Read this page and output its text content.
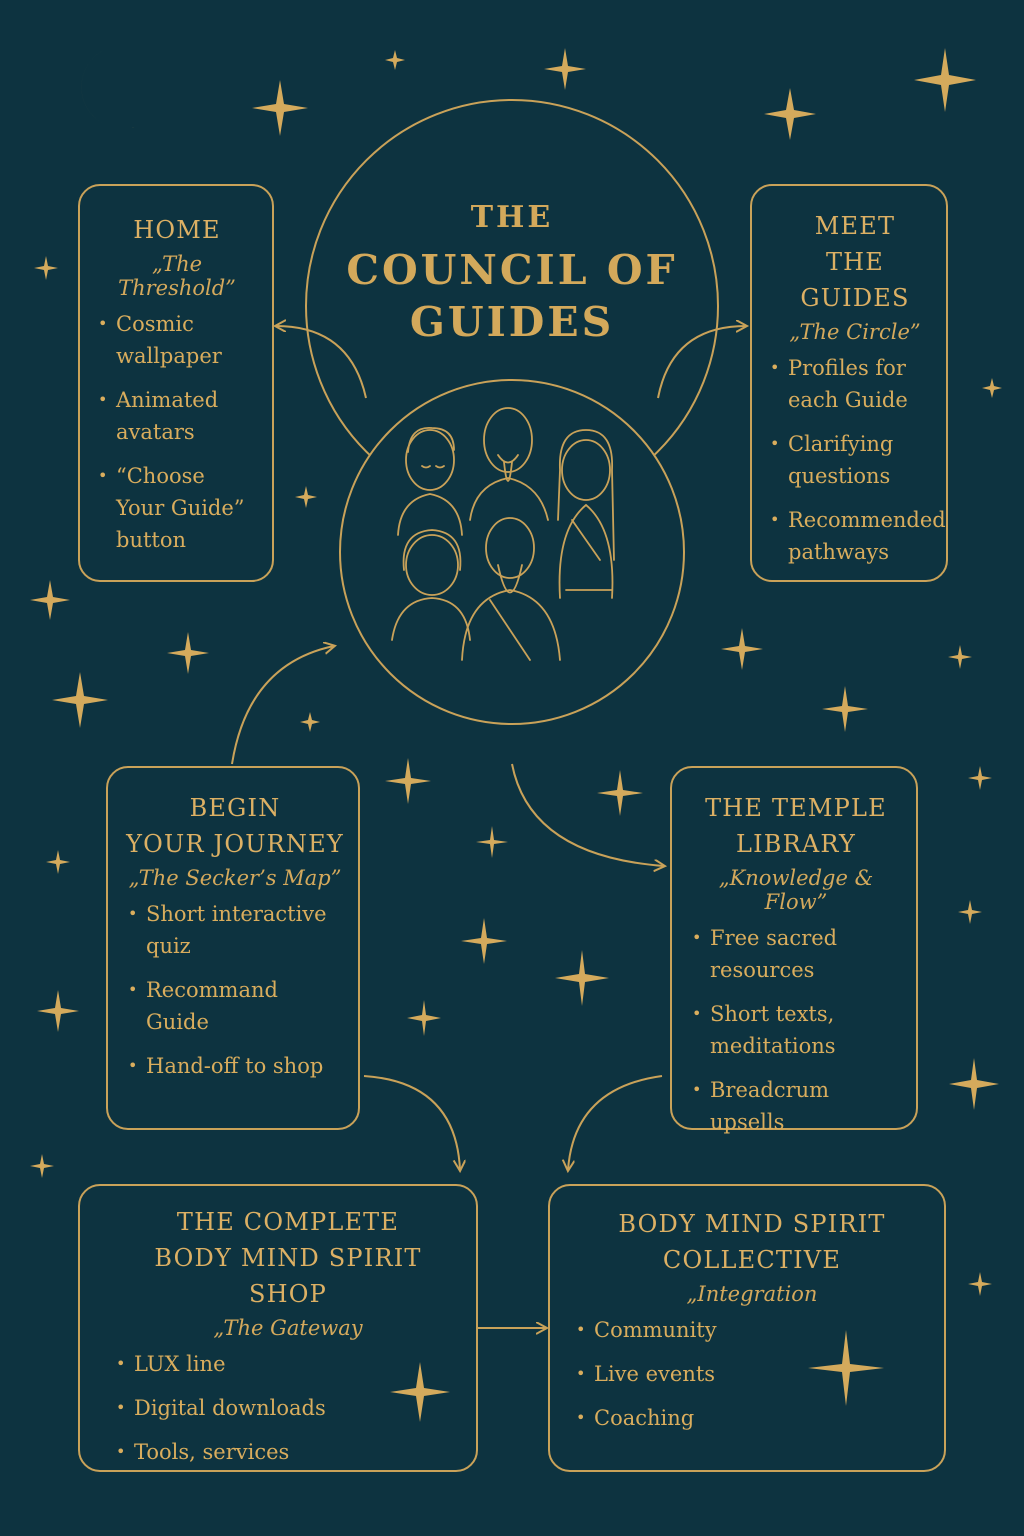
THE
COUNCIL OF
GUIDES
HOME
„The Threshold”
• Cosmic wallpaper
• Animated avatars
• “Choose Your Guide” button
MEET
THE GUIDES
„The Circle”
• Profiles for each Guide
• Clarifying questions
• Recommended pathways
BEGIN
YOUR JOURNEY
„The Secker’s Map”
• Short interactive quiz
• Recommand Guide
• Hand-off to shop
THE TEMPLE
LIBRARY
„Knowledge & Flow”
• Free sacred resources
• Short texts, meditations
• Breadcrum upsells
THE COMPLETE
BODY MIND SPIRIT SHOP
„The Gateway
• LUX line
• Digital downloads
• Tools, services
BODY MIND SPIRIT
COLLECTIVE
„Integration
• Community
• Live events
• Coaching
